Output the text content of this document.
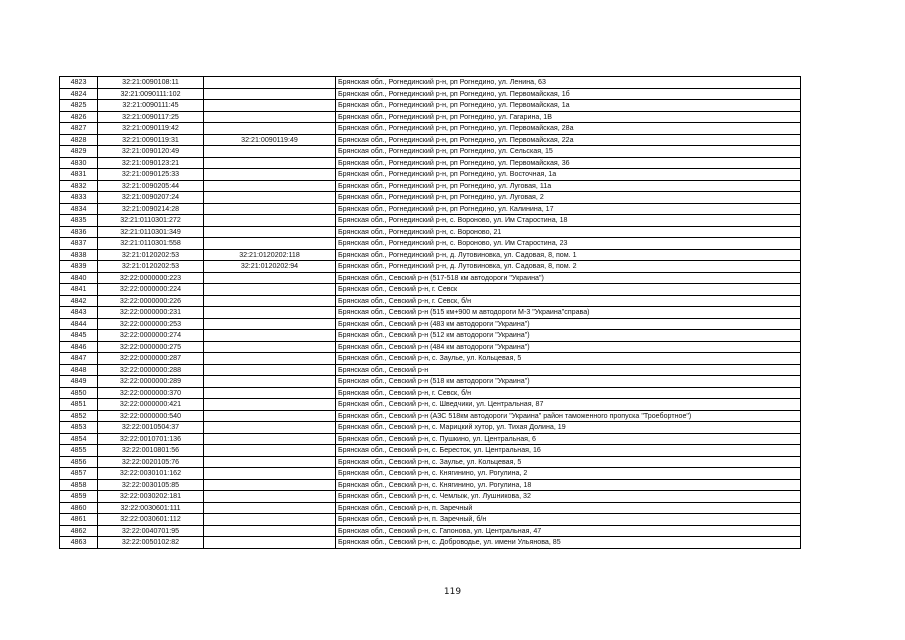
4823	32:21:0090108:11		Брянская обл., Рогнединский р-н, рп Рогнедино, ул. Ленина, 63
4824	32:21:0090111:102		Брянская обл., Рогнединский р-н, рп Рогнедино, ул. Первомайская, 1б
4825	32:21:0090111:45		Брянская обл., Рогнединский р-н, рп Рогнедино, ул. Первомайская, 1а
4826	32:21:0090117:25		Брянская обл., Рогнединский р-н, рп Рогнедино, ул. Гагарина, 1В
4827	32:21:0090119:42		Брянская обл., Рогнединский р-н, рп Рогнедино, ул. Первомайская, 28а
4828	32:21:0090119:31	32:21:0090119:49	Брянская обл., Рогнединский р-н, рп Рогнедино, ул. Первомайская, 22а
4829	32:21:0090120:49		Брянская обл., Рогнединский р-н, рп Рогнедино, ул. Сельская, 15
4830	32:21:0090123:21		Брянская обл., Рогнединский р-н, рп Рогнедино, ул. Первомайская, 36
4831	32:21:0090125:33		Брянская обл., Рогнединский р-н, рп Рогнедино, ул. Восточная, 1а
4832	32:21:0090205:44		Брянская обл., Рогнединский р-н, рп Рогнедино, ул. Луговая, 11а
4833	32:21:0090207:24		Брянская обл., Рогнединский р-н, рп Рогнедино, ул. Луговая, 2
4834	32:21:0090214:28		Брянская обл., Рогнединский р-н, рп Рогнедино, ул. Калинина, 17
4835	32:21:0110301:272		Брянская обл., Рогнединский р-н, с. Вороново, ул. Им Старостина, 18
4836	32:21:0110301:349		Брянская обл., Рогнединский р-н, с. Вороново, 21
4837	32:21:0110301:558		Брянская обл., Рогнединский р-н, с. Вороново, ул. Им Старостина, 23
4838	32:21:0120202:53	32:21:0120202:118	Брянская обл., Рогнединский р-н, д. Лутовиновка, ул. Садовая, 8, пом. 1
4839	32:21:0120202:53	32:21:0120202:94	Брянская обл., Рогнединский р-н, д. Лутовиновка, ул. Садовая, 8, пом. 2
4840	32:22:0000000:223		Брянская обл., Севский р-н (517-518 км автодороги "Украина")
4841	32:22:0000000:224		Брянская обл., Севский р-н, г. Севск
4842	32:22:0000000:226		Брянская обл., Севский р-н, г. Севск, б/н
4843	32:22:0000000:231		Брянская обл., Севский р-н (515 км+900 м автодороги М-3 "Украина"справа)
4844	32:22:0000000:253		Брянская обл., Севский р-н (483 км автодороги "Украина")
4845	32:22:0000000:274		Брянская обл., Севский р-н (512 км автодороги "Украина")
4846	32:22:0000000:275		Брянская обл., Севский р-н (484 км автодороги "Украина")
4847	32:22:0000000:287		Брянская обл., Севский р-н, с. Заулье, ул. Кольцевая, 5
4848	32:22:0000000:288		Брянская обл., Севский р-н
4849	32:22:0000000:289		Брянская обл., Севский р-н (518 км автодороги "Украина")
4850	32:22:0000000:370		Брянская обл., Севский р-н, г. Севск, б/н
4851	32:22:0000000:421		Брянская обл., Севский р-н, с. Шведчики, ул. Центральная, 87
4852	32:22:0000000:540		Брянская обл., Севский р-н (АЗС 518км автодороги "Украина" район таможенного пропуска "Троебортное")
4853	32:22:0010504:37		Брянская обл., Севский р-н, с. Марицкий хутор, ул. Тихая Долина, 19
4854	32:22:0010701:136		Брянская обл., Севский р-н, с. Пушкино, ул. Центральная, 6
4855	32:22:0010801:56		Брянская обл., Севский р-н, с. Бересток, ул. Центральная, 16
4856	32:22:0020105:76		Брянская обл., Севский р-н, с. Заулье, ул. Кольцевая, 5
4857	32:22:0030101:162		Брянская обл., Севский р-н, с. Княгинино, ул. Рогулина, 2
4858	32:22:0030105:85		Брянская обл., Севский р-н, с. Княгинино, ул. Рогулина, 18
4859	32:22:0030202:181		Брянская обл., Севский р-н, с. Чемлыж, ул. Лушникова, 32
4860	32:22:0030601:111		Брянская обл., Севский р-н, п. Заречный
4861	32:22:0030601:112		Брянская обл., Севский р-н, п. Заречный, б/н
4862	32:22:0040701:95		Брянская обл., Севский р-н, с. Гапонова, ул. Центральная, 47
4863	32:22:0050102:82		Брянская обл., Севский р-н, с. Доброводье, ул. имени Ульянова, 85
119
